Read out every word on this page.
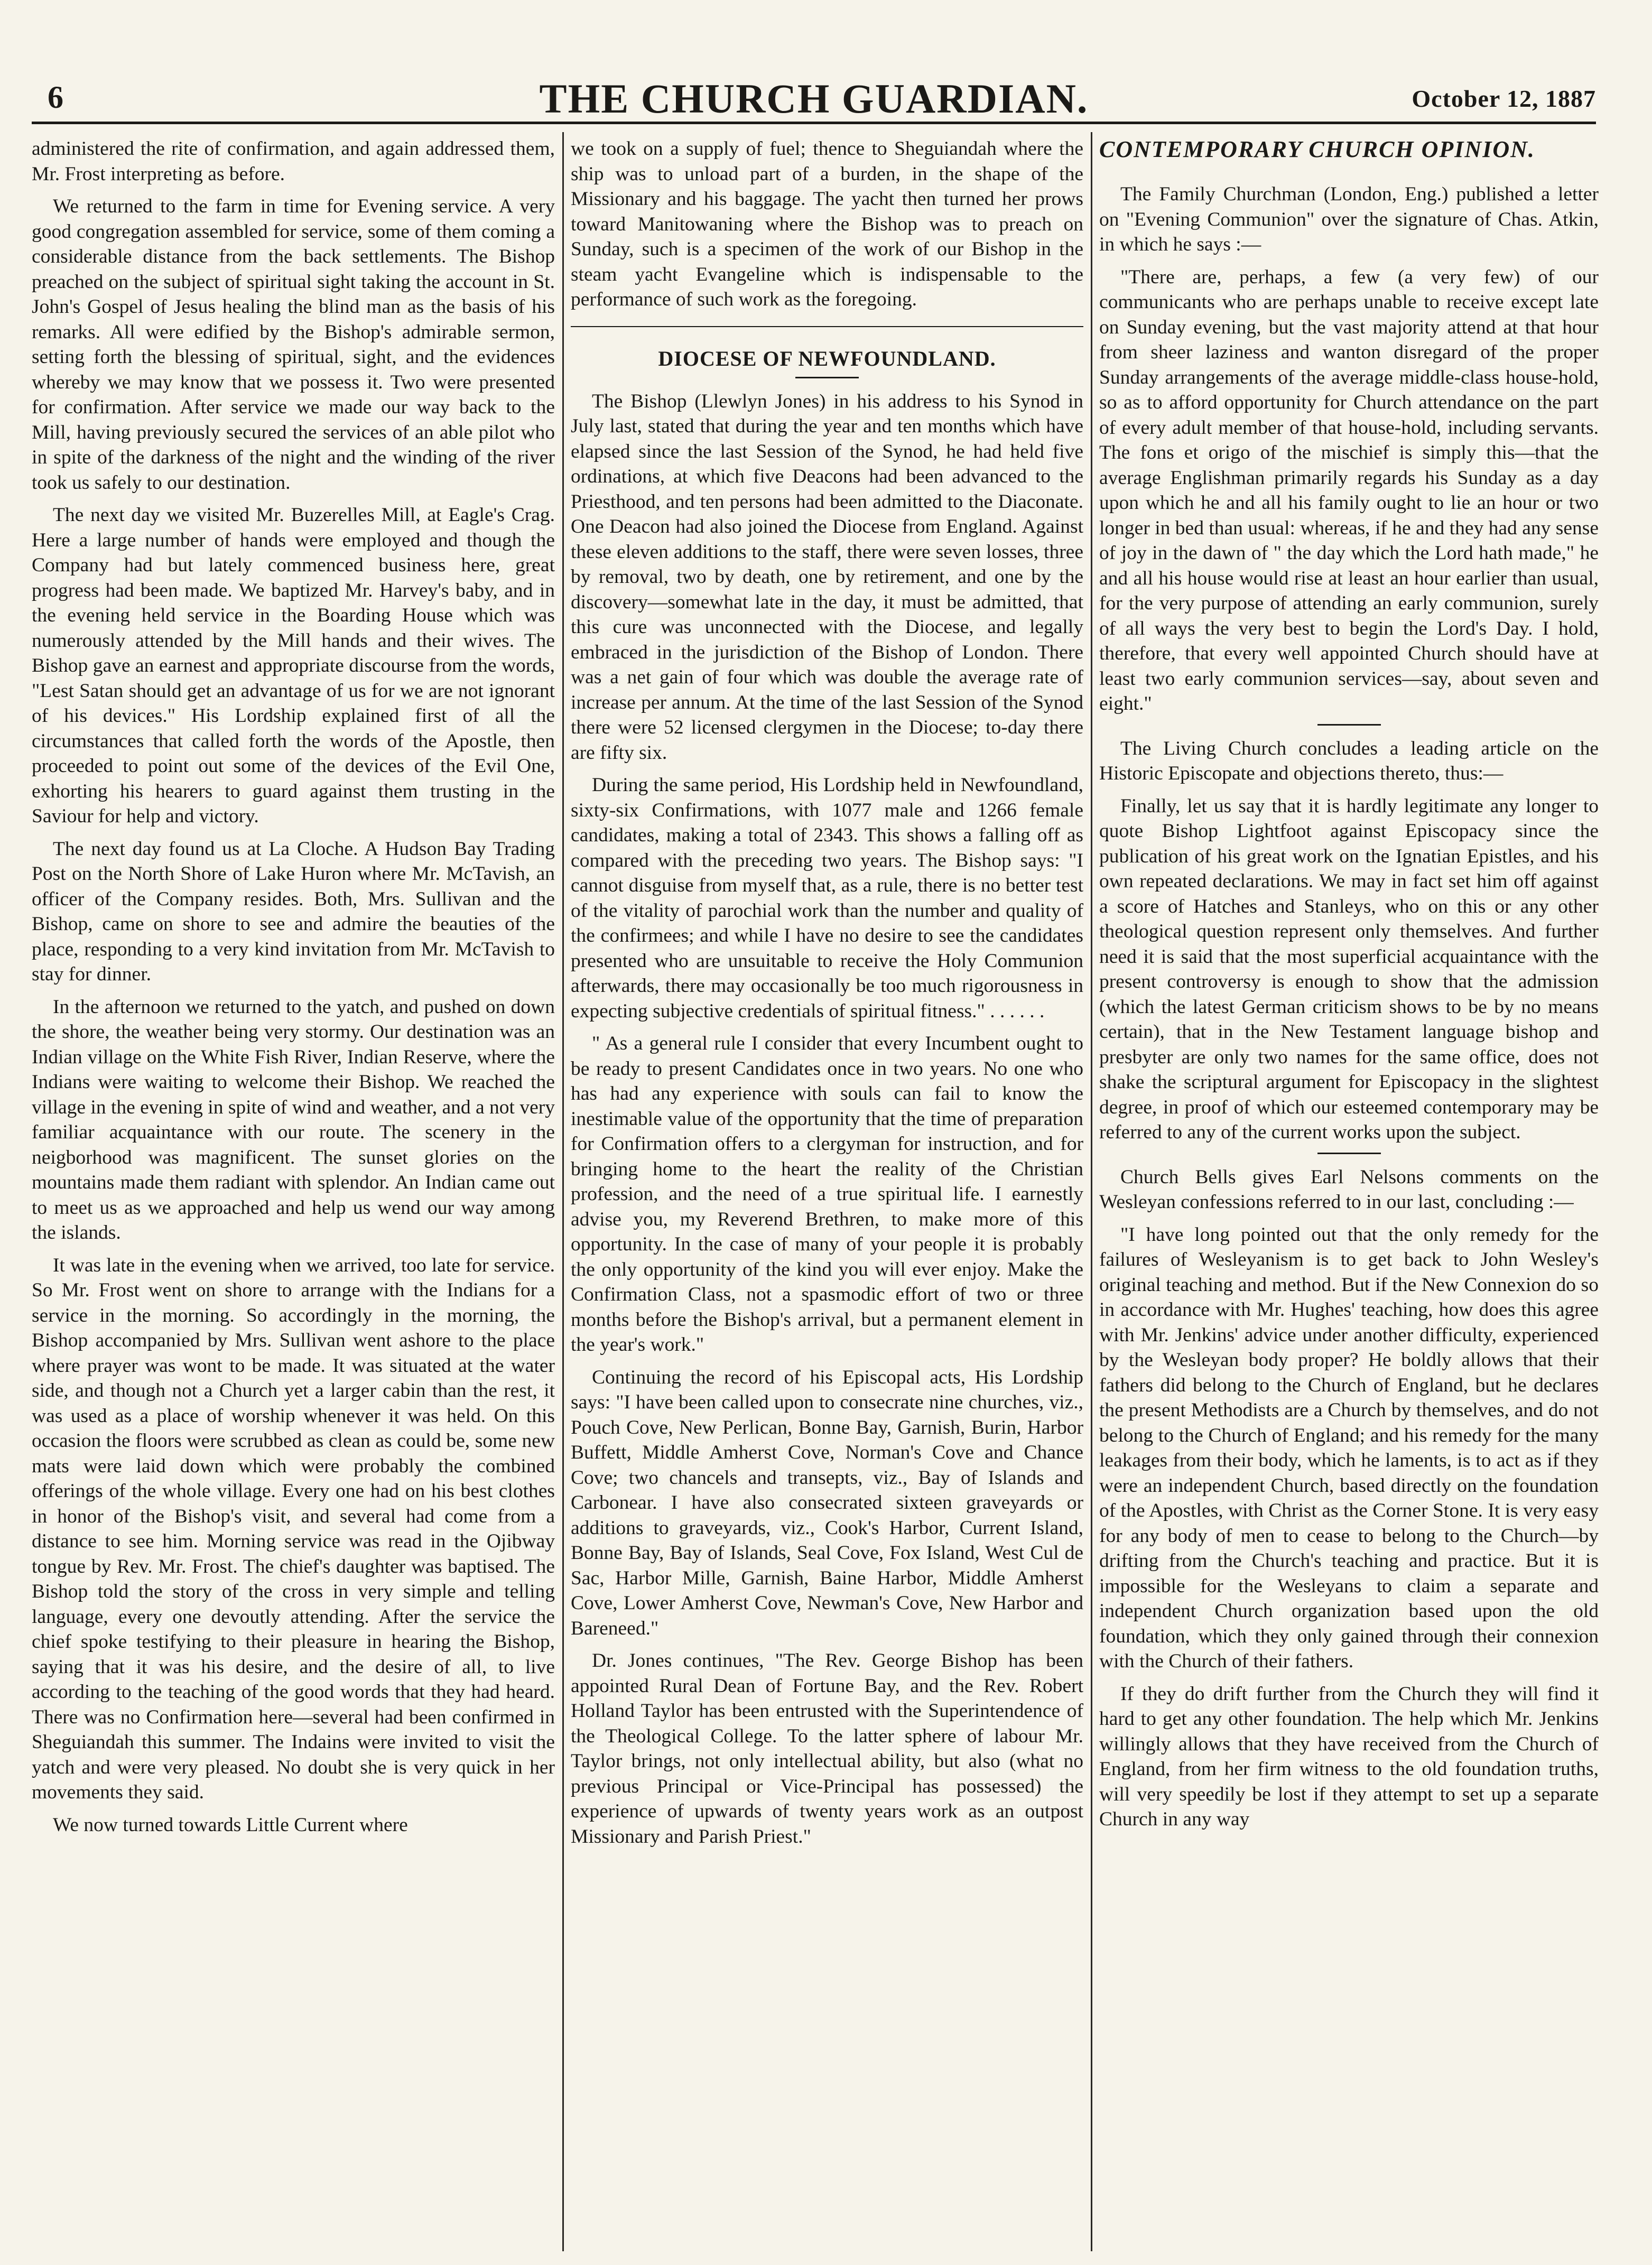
6	THE CHURCH GUARDIAN.	October 12, 1887

administered the rite of confirmation, and again addressed them, Mr. Frost interpreting as before.

We returned to the farm in time for Evening service. A very good congregation assembled for service, some of them coming a considerable distance from the back settlements. The Bishop preached on the subject of spiritual sight taking the account in St. John's Gospel of Jesus healing the blind man as the basis of his remarks. All were edified by the Bishop's admirable sermon, setting forth the blessing of spiritual, sight, and the evidences whereby we may know that we possess it. Two were presented for confirmation. After service we made our way back to the Mill, having previously secured the services of an able pilot who in spite of the darkness of the night and the winding of the river took us safely to our destination.

The next day we visited Mr. Buzerelles Mill, at Eagle's Crag. Here a large number of hands were employed and though the Company had but lately commenced business here, great progress had been made. We baptized Mr. Harvey's baby, and in the evening held service in the Boarding House which was numerously attended by the Mill hands and their wives. The Bishop gave an earnest and appropriate discourse from the words, "Lest Satan should get an advantage of us for we are not ignorant of his devices." His Lordship explained first of all the circumstances that called forth the words of the Apostle, then proceeded to point out some of the devices of the Evil One, exhorting his hearers to guard against them trusting in the Saviour for help and victory.

The next day found us at La Cloche. A Hudson Bay Trading Post on the North Shore of Lake Huron where Mr. McTavish, an officer of the Company resides. Both, Mrs. Sullivan and the Bishop, came on shore to see and admire the beauties of the place, responding to a very kind invitation from Mr. McTavish to stay for dinner.

In the afternoon we returned to the yatch, and pushed on down the shore, the weather being very stormy. Our destination was an Indian village on the White Fish River, Indian Reserve, where the Indians were waiting to welcome their Bishop. We reached the village in the evening in spite of wind and weather, and a not very familiar acquaintance with our route. The scenery in the neigborhood was magnificent. The sunset glories on the mountains made them radiant with splendor. An Indian came out to meet us as we approached and help us wend our way among the islands.

It was late in the evening when we arrived, too late for service. So Mr. Frost went on shore to arrange with the Indians for a service in the morning. So accordingly in the morning, the Bishop accompanied by Mrs. Sullivan went ashore to the place where prayer was wont to be made. It was situated at the water side, and though not a Church yet a larger cabin than the rest, it was used as a place of worship whenever it was held. On this occasion the floors were scrubbed as clean as could be, some new mats were laid down which were probably the combined offerings of the whole village. Every one had on his best clothes in honor of the Bishop's visit, and several had come from a distance to see him. Morning service was read in the Ojibway tongue by Rev. Mr. Frost. The chief's daughter was baptised. The Bishop told the story of the cross in very simple and telling language, every one devoutly attending. After the service the chief spoke testifying to their pleasure in hearing the Bishop, saying that it was his desire, and the desire of all, to live according to the teaching of the good words that they had heard. There was no Confirmation here—several had been confirmed in Sheguiandah this summer. The Indains were invited to visit the yatch and were very pleased. No doubt she is very quick in her movements they said.

We now turned towards Little Current where

we took on a supply of fuel; thence to Sheguiandah where the ship was to unload part of a burden, in the shape of the Missionary and his baggage. The yacht then turned her prows toward Manitowaning where the Bishop was to preach on Sunday, such is a specimen of the work of our Bishop in the steam yacht Evangeline which is indispensable to the performance of such work as the foregoing.

DIOCESE OF NEWFOUNDLAND.

The Bishop (Llewlyn Jones) in his address to his Synod in July last, stated that during the year and ten months which have elapsed since the last Session of the Synod, he had held five ordinations, at which five Deacons had been advanced to the Priesthood, and ten persons had been admitted to the Diaconate. One Deacon had also joined the Diocese from England. Against these eleven additions to the staff, there were seven losses, three by removal, two by death, one by retirement, and one by the discovery—somewhat late in the day, it must be admitted, that this cure was unconnected with the Diocese, and legally embraced in the jurisdiction of the Bishop of London. There was a net gain of four which was double the average rate of increase per annum. At the time of the last Session of the Synod there were 52 licensed clergymen in the Diocese; to-day there are fifty six.

During the same period, His Lordship held in Newfoundland, sixty-six Confirmations, with 1077 male and 1266 female candidates, making a total of 2343. This shows a falling off as compared with the preceding two years. The Bishop says: "I cannot disguise from myself that, as a rule, there is no better test of the vitality of parochial work than the number and quality of the confirmees; and while I have no desire to see the candidates presented who are unsuitable to receive the Holy Communion afterwards, there may occasionally be too much rigorousness in expecting subjective credentials of spiritual fitness." . . . . . .

" As a general rule I consider that every Incumbent ought to be ready to present Candidates once in two years. No one who has had any experience with souls can fail to know the inestimable value of the opportunity that the time of preparation for Confirmation offers to a clergyman for instruction, and for bringing home to the heart the reality of the Christian profession, and the need of a true spiritual life. I earnestly advise you, my Reverend Brethren, to make more of this opportunity. In the case of many of your people it is probably the only opportunity of the kind you will ever enjoy. Make the Confirmation Class, not a spasmodic effort of two or three months before the Bishop's arrival, but a permanent element in the year's work."

Continuing the record of his Episcopal acts, His Lordship says: "I have been called upon to consecrate nine churches, viz., Pouch Cove, New Perlican, Bonne Bay, Garnish, Burin, Harbor Buffett, Middle Amherst Cove, Norman's Cove and Chance Cove; two chancels and transepts, viz., Bay of Islands and Carbonear. I have also consecrated sixteen graveyards or additions to graveyards, viz., Cook's Harbor, Current Island, Bonne Bay, Bay of Islands, Seal Cove, Fox Island, West Cul de Sac, Harbor Mille, Garnish, Baine Harbor, Middle Amherst Cove, Lower Amherst Cove, Newman's Cove, New Harbor and Bareneed."

Dr. Jones continues, "The Rev. George Bishop has been appointed Rural Dean of Fortune Bay, and the Rev. Robert Holland Taylor has been entrusted with the Superintendence of the Theological College. To the latter sphere of labour Mr. Taylor brings, not only intellectual ability, but also (what no previous Principal or Vice-Principal has possessed) the experience of upwards of twenty years work as an outpost Missionary and Parish Priest."

CONTEMPORARY CHURCH OPINION.

The Family Churchman (London, Eng.) published a letter on "Evening Communion" over the signature of Chas. Atkin, in which he says :—

"There are, perhaps, a few (a very few) of our communicants who are perhaps unable to receive except late on Sunday evening, but the vast majority attend at that hour from sheer laziness and wanton disregard of the proper Sunday arrangements of the average middle-class house-hold, so as to afford opportunity for Church attendance on the part of every adult member of that house-hold, including servants. The fons et origo of the mischief is simply this—that the average Englishman primarily regards his Sunday as a day upon which he and all his family ought to lie an hour or two longer in bed than usual: whereas, if he and they had any sense of joy in the dawn of " the day which the Lord hath made," he and all his house would rise at least an hour earlier than usual, for the very purpose of attending an early communion, surely of all ways the very best to begin the Lord's Day. I hold, therefore, that every well appointed Church should have at least two early communion services—say, about seven and eight."

The Living Church concludes a leading article on the Historic Episcopate and objections thereto, thus:—

Finally, let us say that it is hardly legitimate any longer to quote Bishop Lightfoot against Episcopacy since the publication of his great work on the Ignatian Epistles, and his own repeated declarations. We may in fact set him off against a score of Hatches and Stanleys, who on this or any other theological question represent only themselves. And further need it is said that the most superficial acquaintance with the present controversy is enough to show that the admission (which the latest German criticism shows to be by no means certain), that in the New Testament language bishop and presbyter are only two names for the same office, does not shake the scriptural argument for Episcopacy in the slightest degree, in proof of which our esteemed contemporary may be referred to any of the current works upon the subject.

Church Bells gives Earl Nelsons comments on the Wesleyan confessions referred to in our last, concluding :—

"I have long pointed out that the only remedy for the failures of Wesleyanism is to get back to John Wesley's original teaching and method. But if the New Connexion do so in accordance with Mr. Hughes' teaching, how does this agree with Mr. Jenkins' advice under another difficulty, experienced by the Wesleyan body proper? He boldly allows that their fathers did belong to the Church of England, but he declares the present Methodists are a Church by themselves, and do not belong to the Church of England; and his remedy for the many leakages from their body, which he laments, is to act as if they were an independent Church, based directly on the foundation of the Apostles, with Christ as the Corner Stone. It is very easy for any body of men to cease to belong to the Church—by drifting from the Church's teaching and practice. But it is impossible for the Wesleyans to claim a separate and independent Church organization based upon the old foundation, which they only gained through their connexion with the Church of their fathers.

If they do drift further from the Church they will find it hard to get any other foundation. The help which Mr. Jenkins willingly allows that they have received from the Church of England, from her firm witness to the old foundation truths, will very speedily be lost if they attempt to set up a separate Church in any way
